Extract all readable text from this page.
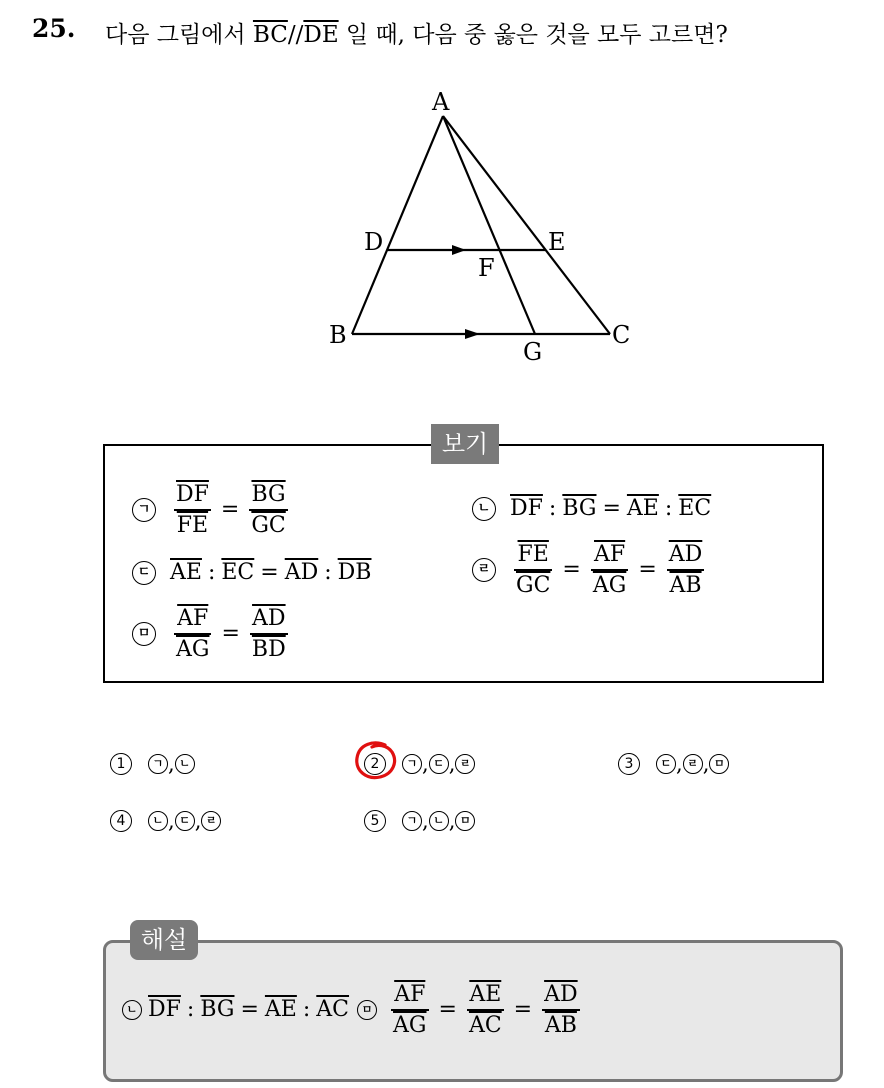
25. 다음 그림에서 $\overline{BC}//\overline{DE}$ 일 때, 다음 중 옳은 것을 모두 고르면?
A
D	E
F
B	C
G
보기
ㄱ $\frac{\overline{DF}}{FE} = \frac{\overline{BG}}{GC}$	ㄴ $\overline{DF}$ : $\overline{BG} = \overline{AE}$ : $\overline{EC}$
ㄷ $\overline{AE}$ : $\overline{EC} = \overline{AD}$ : $\overline{DB}$	ㄹ $\frac{\overline{FE}}{GC} = \frac{\overline{AF}}{AG} = \frac{\overline{AD}}{AB}$
ㅁ $\frac{\overline{AF}}{AG} = \frac{\overline{AD}}{BD}$
1	ㄱ , ㄴ	2	ㄱ , ㄷ , ㄹ	3	ㄷ , ㄹ , ㅁ
4	ㄴ , ㄷ , ㄹ	5	ㄱ , ㄴ , ㅁ
해설
ㄴ $\overline{DF}$ : $\overline{BG} = \overline{AE}$ : $\overline{AC}$	ㅁ $\frac{\overline{AF}}{AG} = \frac{\overline{AE}}{AC} = \frac{\overline{AD}}{AB}$
